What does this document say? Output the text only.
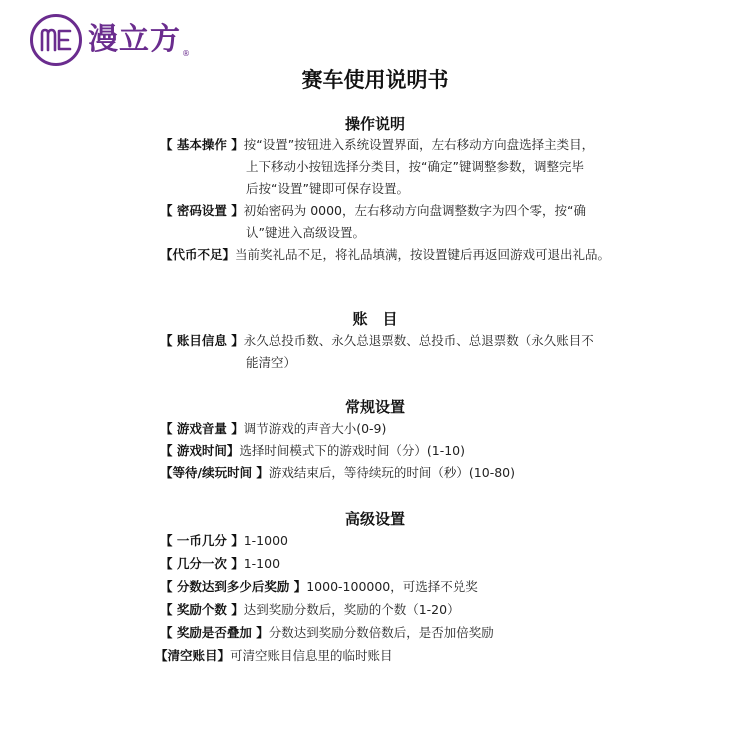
漫立方 ®
赛车使用说明书
操作说明
【 基本操作 】按“设置”按钮进入系统设置界面，左右移动方向盘选择主类目，
上下移动小按钮选择分类目，按“确定”键调整参数，调整完毕
后按“设置”键即可保存设置。
【 密码设置 】初始密码为 0000，左右移动方向盘调整数字为四个零，按“确
认”键进入高级设置。
【代币不足】当前奖礼品不足，将礼品填满，按设置键后再返回游戏可退出礼品。
账　目
【 账目信息 】永久总投币数、永久总退票数、总投币、总退票数（永久账目不
能清空）
常规设置
【 游戏音量 】调节游戏的声音大小(0-9)
【 游戏时间】选择时间模式下的游戏时间（分）(1-10)
【等待/续玩时间 】游戏结束后，等待续玩的时间（秒）(10-80)
高级设置
【 一币几分 】1-1000
【 几分一次 】1-100
【 分数达到多少后奖励 】1000-100000，可选择不兑奖
【 奖励个数 】达到奖励分数后，奖励的个数（1-20）
【 奖励是否叠加 】分数达到奖励分数倍数后，是否加倍奖励
【清空账目】可清空账目信息里的临时账目
